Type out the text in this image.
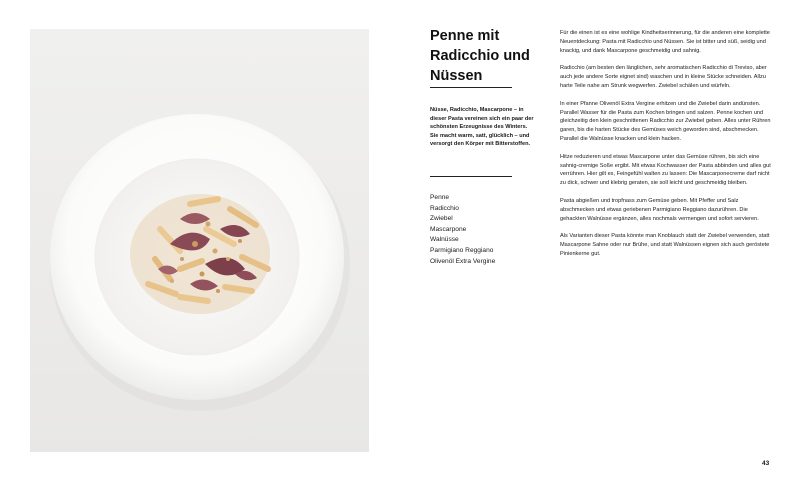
Penne mit Radicchio und Nüssen

Nüsse, Radicchio, Mascarpone – in dieser Pasta vereinen sich ein paar der schönsten Erzeugnisse des Winters. Sie macht warm, satt, glücklich – und versorgt den Körper mit Bitterstoffen.

Penne
Radicchio
Zwiebel
Mascarpone
Walnüsse
Parmigiano Reggiano
Olivenöl Extra Vergine

Für die einen ist es eine wohlige Kindheitserinnerung, für die anderen eine komplette Neuentdeckung: Pasta mit Radicchio und Nüssen. Sie ist bitter und süß, seidig und knackig, und dank Mascarpone geschmeidig und sahnig.

Radicchio (am besten den länglichen, sehr aromatischen Radicchio di Treviso, aber auch jede andere Sorte eignet sind) waschen und in kleine Stücke schneiden. Allzu harte Teile nahe am Strunk wegwerfen. Zwiebel schälen und würfeln.

In einer Pfanne Olivenöl Extra Vergine erhitzen und die Zwiebel darin andünsten. Parallel Wasser für die Pasta zum Kochen bringen und salzen. Penne kochen und gleichzeitig den klein geschnittenen Radicchio zur Zwiebel geben. Alles unter Rühren garen, bis die harten Stücke des Gemüses weich geworden sind, abschmecken. Parallel die Walnüsse knacken und klein hacken.

Hitze reduzieren und etwas Mascarpone unter das Gemüse rühren, bis sich eine sahnig-cremige Soße ergibt. Mit etwas Kochwasser der Pasta abbinden und alles gut verrühren. Hier gilt es, Feingefühl walten zu lassen: Die Mascarponecreme darf nicht zu dick, schwer und klebrig geraten, sie soll leicht und geschmeidig bleiben.

Pasta abgießen und tropfnass zum Gemüse geben. Mit Pfeffer und Salz abschmecken und etwas geriebenen Parmigiano Reggiano dazurühren. Die gehackten Walnüsse ergänzen, alles nochmals vermengen und sofort servieren.

Als Varianten dieser Pasta könnte man Knoblauch statt der Zwiebel verwenden, statt Mascarpone Sahne oder nur Brühe, und statt Walnüssen eignen sich auch geröstete Pinienkerne gut.

43
